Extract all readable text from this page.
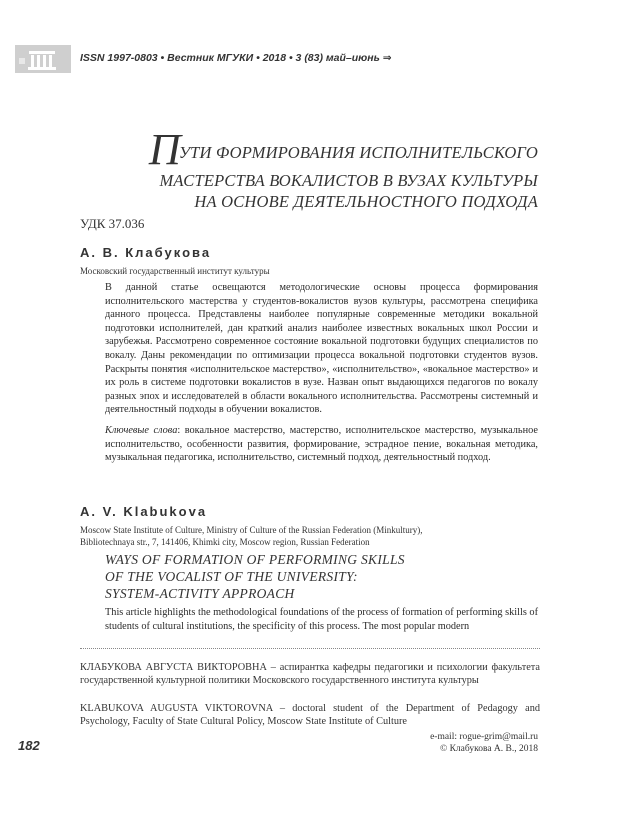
ISSN 1997-0803 • Вестник МГУКИ • 2018 • 3 (83) май–июнь ⇒
ПУТИ ФОРМИРОВАНИЯ ИСПОЛНИТЕЛЬСКОГО
МАСТЕРСТВА ВОКАЛИСТОВ В ВУЗАХ КУЛЬТУРЫ
НА ОСНОВЕ ДЕЯТЕЛЬНОСТНОГО ПОДХОДА
УДК 37.036
А. В. Клабукова
Московский государственный институт культуры

В данной статье освещаются методологические основы процесса формирования исполнительского мастерства у студентов-вокалистов вузов культуры, рассмотрена специфика данного процесса. Представлены наиболее популярные современные методики вокальной подготовки исполнителей, дан краткий анализ наиболее известных вокальных школ России и зарубежья. Рассмотрено современное состояние вокальной подготовки будущих специалистов по вокалу. Даны рекомендации по оптимизации процесса вокальной подготовки студентов вузов. Раскрыты понятия «исполнительское мастерство», «исполнительство», «вокальное мастерство» и их роль в системе подготовки вокалистов в вузе. Назван опыт выдающихся педагогов по вокалу разных эпох и исследователей в области вокального исполнительства. Рассмотрены системный и деятельностный подходы в обучении вокалистов.

Ключевые слова: вокальное мастерство, мастерство, исполнительское мастерство, музыкальное исполнительство, особенности развития, формирование, эстрадное пение, вокальная методика, музыкальная педагогика, исполнительство, системный подход, деятельностный подход.

A. V. Klabukova
Moscow State Institute of Culture, Ministry of Culture of the Russian Federation (Minkultury),
Bibliotechnaya str., 7, 141406, Khimki city, Moscow region, Russian Federation
WAYS OF FORMATION OF PERFORMING SKILLS
OF THE VOCALIST OF THE UNIVERSITY:
SYSTEM-ACTIVITY APPROACH
This article highlights the methodological foundations of the process of formation of performing skills of students of cultural institutions, the specificity of this process. The most popular modern
КЛАБУКОВА АВГУСТА ВИКТОРОВНА – аспирантка кафедры педагогики и психологии факультета государственной культурной политики Московского государственного института культуры
KLABUKOVA AUGUSTA VIKTOROVNA – doctoral student of the Department of Pedagogy and Psychology, Faculty of State Cultural Policy, Moscow State Institute of Culture
e-mail: rogue-grim@mail.ru
© Клабукова А. В., 2018
182
